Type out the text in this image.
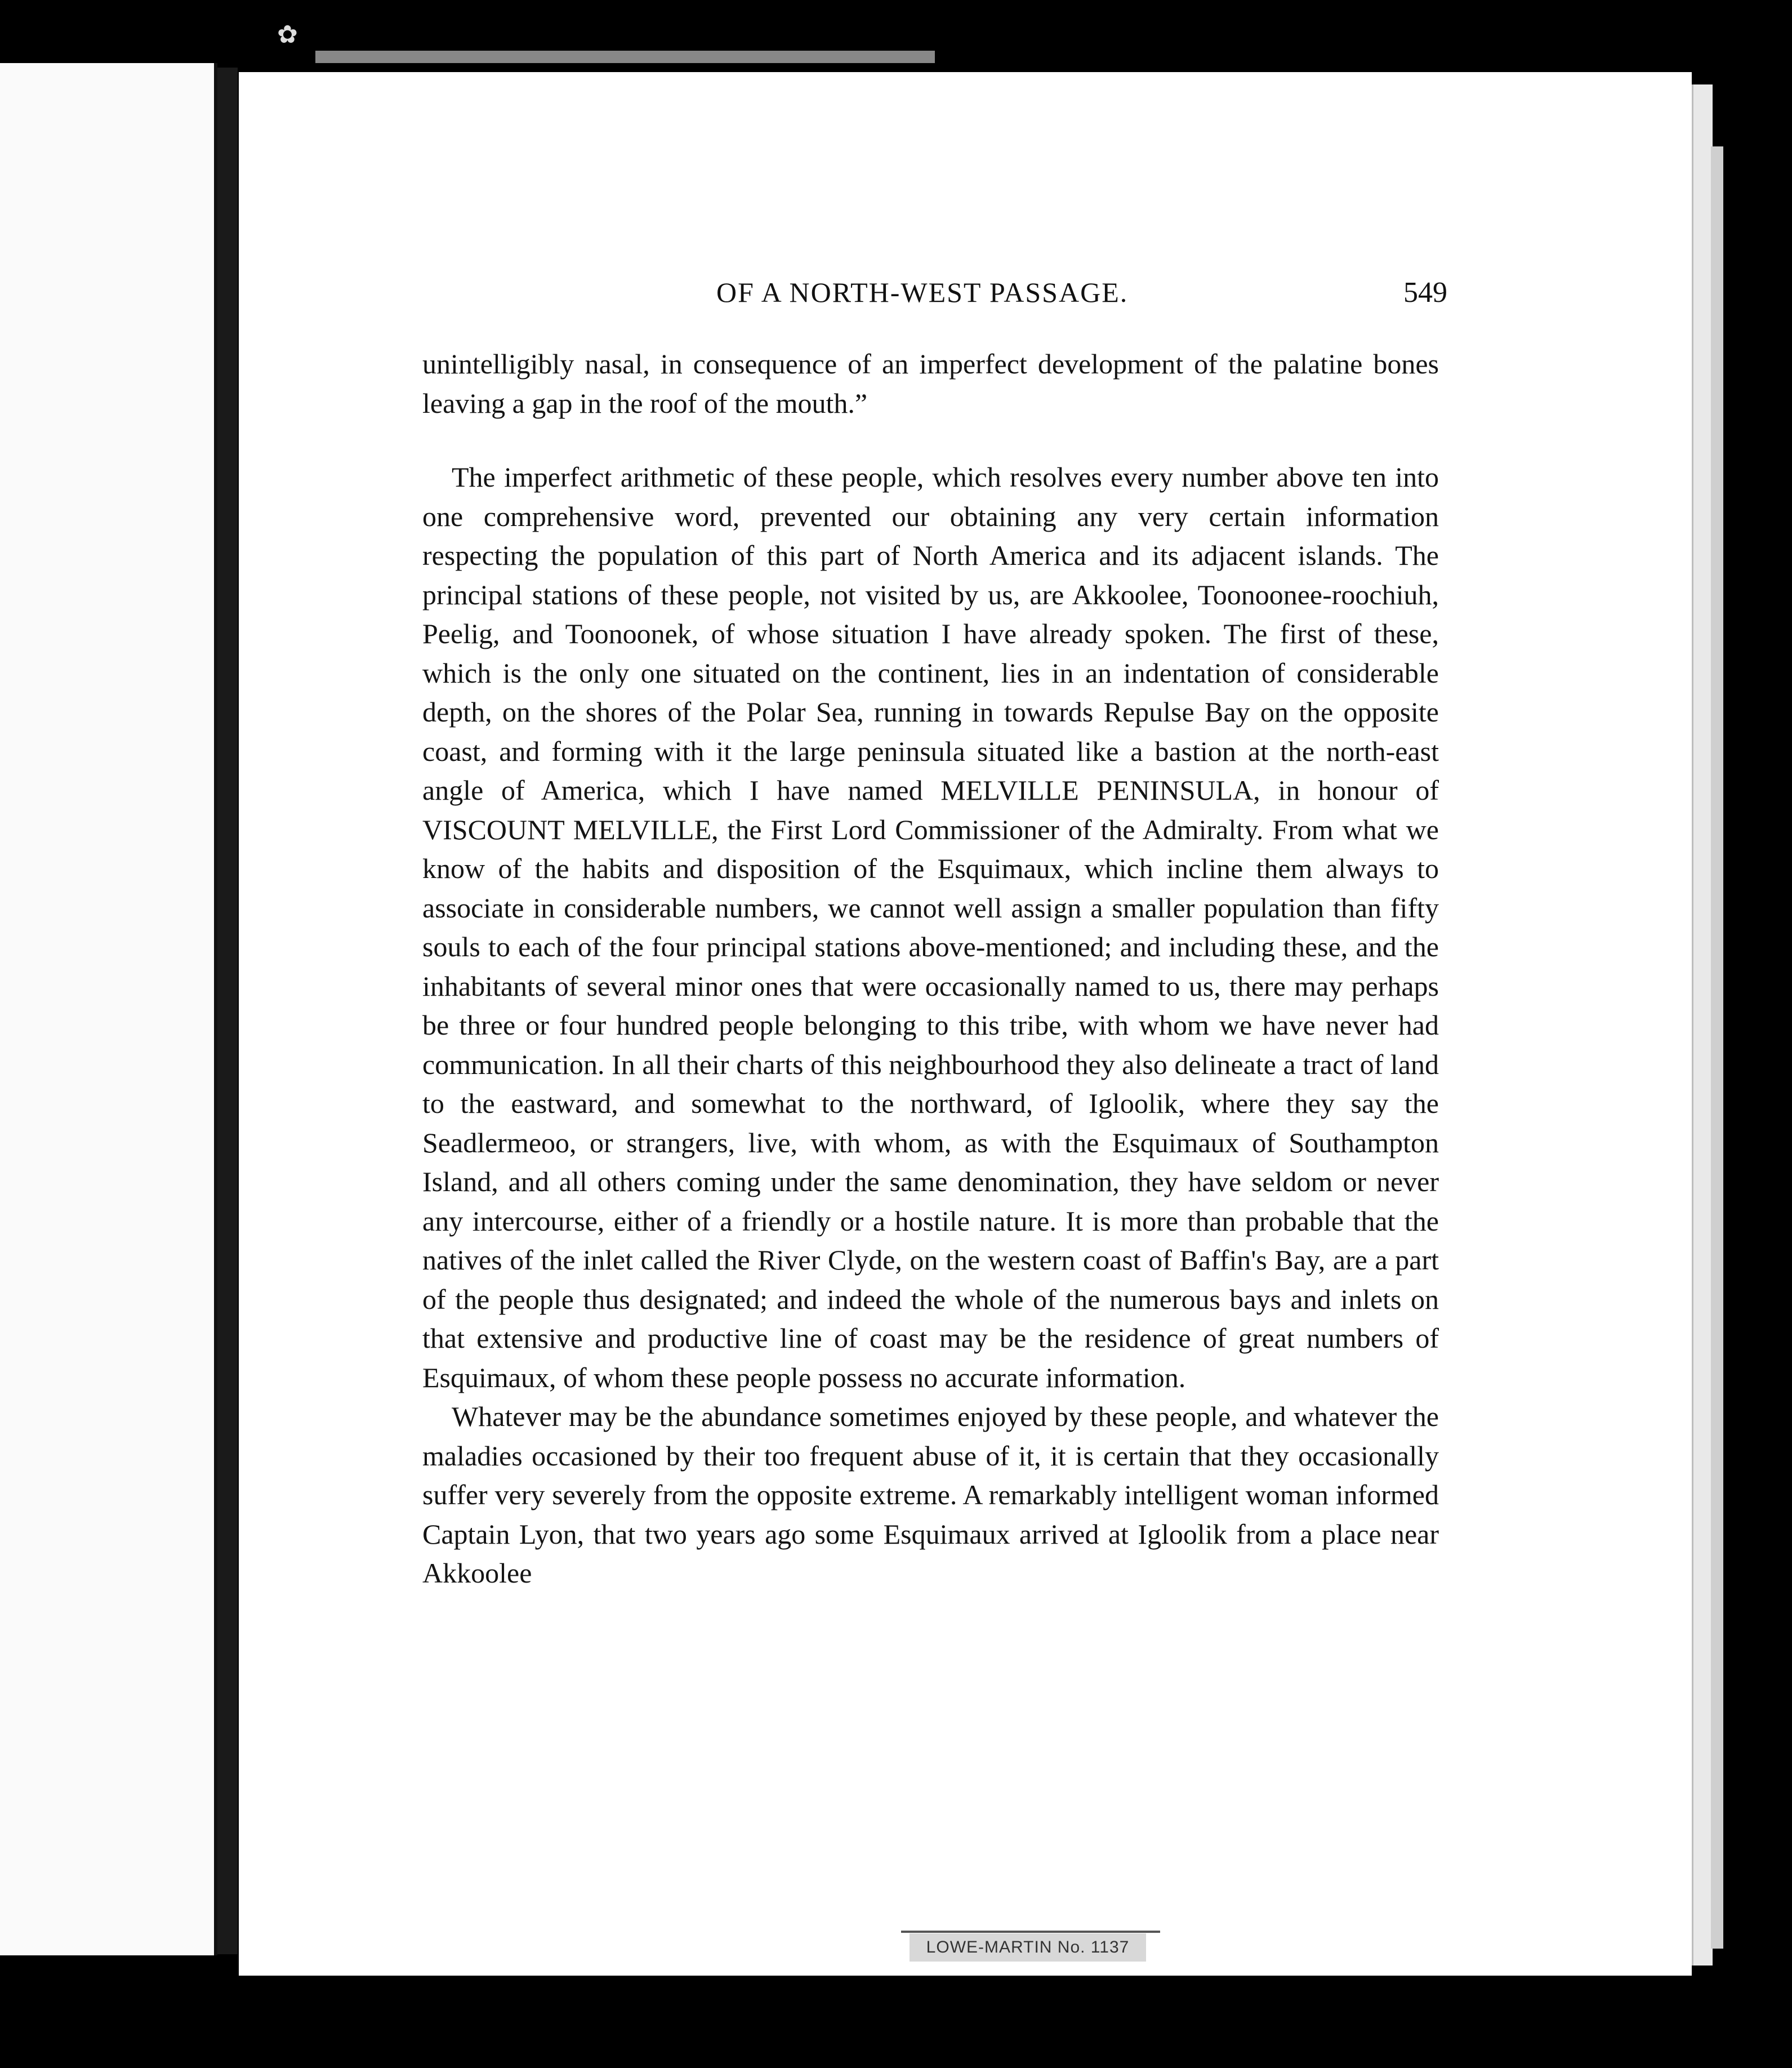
✿
OF A NORTH-WEST PASSAGE.	549

unintelligibly nasal, in consequence of an imperfect development of the palatine bones leaving a gap in the roof of the mouth.”

The imperfect arithmetic of these people, which resolves every number above ten into one comprehensive word, prevented our obtaining any very certain information respecting the population of this part of North America and its adjacent islands. The principal stations of these people, not visited by us, are Akkoolee, Toonoonee-roochiuh, Peelig, and Toonoonek, of whose situation I have already spoken. The first of these, which is the only one situated on the continent, lies in an indentation of considerable depth, on the shores of the Polar Sea, running in towards Repulse Bay on the opposite coast, and forming with it the large peninsula situated like a bastion at the north-east angle of America, which I have named MELVILLE PENINSULA, in honour of VISCOUNT MELVILLE, the First Lord Commissioner of the Admiralty. From what we know of the habits and disposition of the Esquimaux, which incline them always to associate in considerable numbers, we cannot well assign a smaller population than fifty souls to each of the four principal stations above-mentioned; and including these, and the inhabitants of several minor ones that were occasionally named to us, there may perhaps be three or four hundred people belonging to this tribe, with whom we have never had communication. In all their charts of this neighbourhood they also delineate a tract of land to the eastward, and somewhat to the northward, of Igloolik, where they say the Seadlermeoo, or strangers, live, with whom, as with the Esquimaux of Southampton Island, and all others coming under the same denomination, they have seldom or never any intercourse, either of a friendly or a hostile nature. It is more than probable that the natives of the inlet called the River Clyde, on the western coast of Baffin's Bay, are a part of the people thus designated; and indeed the whole of the numerous bays and inlets on that extensive and productive line of coast may be the residence of great numbers of Esquimaux, of whom these people possess no accurate information.

Whatever may be the abundance sometimes enjoyed by these people, and whatever the maladies occasioned by their too frequent abuse of it, it is certain that they occasionally suffer very severely from the opposite extreme. A remarkably intelligent woman informed Captain Lyon, that two years ago some Esquimaux arrived at Igloolik from a place near Akkoolee

LOWE-MARTIN No. 1137
